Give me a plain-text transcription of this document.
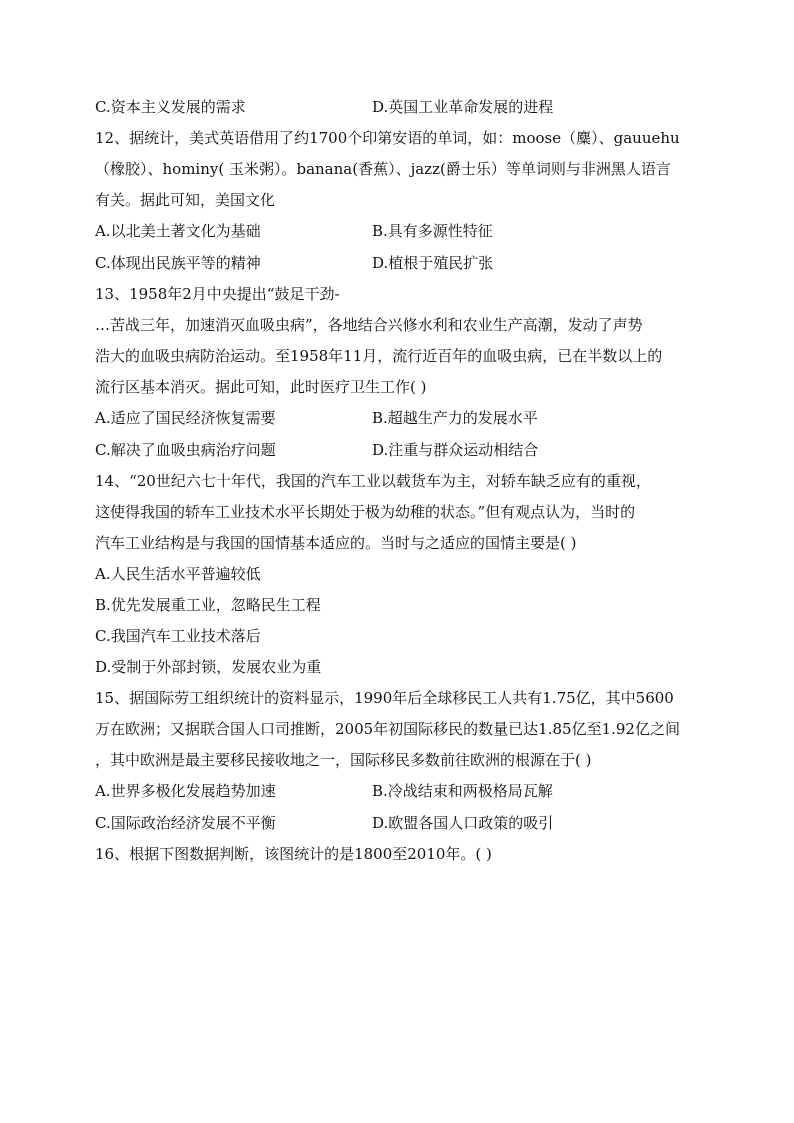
C.资本主义发展的需求	D.英国工业革命发展的进程
12、据统计，美式英语借用了约1700个印第安语的单词，如：moose（麋）、gauuehu
（橡胶）、hominy( 玉米粥）。banana(香蕉）、jazz(爵士乐）等单词则与非洲黑人语言
有关。据此可知，美国文化
A.以北美土著文化为基础	B.具有多源性特征
C.体现出民族平等的精神	D.植根于殖民扩张
13、1958年2月中央提出“鼓足干劲-
…苦战三年，加速消灭血吸虫病”，各地结合兴修水利和农业生产高潮，发动了声势
浩大的血吸虫病防治运动。至1958年11月，流行近百年的血吸虫病，已在半数以上的
流行区基本消灭。据此可知，此时医疗卫生工作( )
A.适应了国民经济恢复需要	B.超越生产力的发展水平
C.解决了血吸虫病治疗问题	D.注重与群众运动相结合
14、“20世纪六七十年代，我国的汽车工业以载货车为主，对轿车缺乏应有的重视，
这使得我国的轿车工业技术水平长期处于极为幼稚的状态。”但有观点认为，当时的
汽车工业结构是与我国的国情基本适应的。当时与之适应的国情主要是( )
A.人民生活水平普遍较低
B.优先发展重工业，忽略民生工程
C.我国汽车工业技术落后
D.受制于外部封锁，发展农业为重
15、据国际劳工组织统计的资料显示，1990年后全球移民工人共有1.75亿，其中5600
万在欧洲；又据联合国人口司推断，2005年初国际移民的数量已达1.85亿至1.92亿之间
，其中欧洲是最主要移民接收地之一，国际移民多数前往欧洲的根源在于( )
A.世界多极化发展趋势加速	B.冷战结束和两极格局瓦解
C.国际政治经济发展不平衡	D.欧盟各国人口政策的吸引
16、根据下图数据判断，该图统计的是1800至2010年。( )
